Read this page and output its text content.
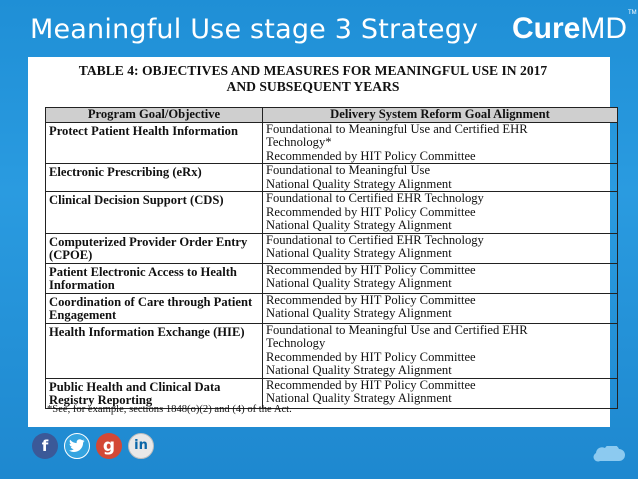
Meaningful Use stage 3 Strategy CureMD TM
TABLE 4: OBJECTIVES AND MEASURES FOR MEANINGFUL USE IN 2017
AND SUBSEQUENT YEARS
Program Goal/Objective	Delivery System Reform Goal Alignment
Protect Patient Health Information	Foundational to Meaningful Use and Certified EHR
Technology*
Recommended by HIT Policy Committee

Electronic Prescribing (eRx)	Foundational to Meaningful Use
National Quality Strategy Alignment

Clinical Decision Support (CDS)	Foundational to Certified EHR Technology
Recommended by HIT Policy Committee
National Quality Strategy Alignment

Computerized Provider Order Entry (CPOE)	Foundational to Certified EHR Technology
National Quality Strategy Alignment

Patient Electronic Access to Health Information	Recommended by HIT Policy Committee
National Quality Strategy Alignment

Coordination of Care through Patient Engagement	Recommended by HIT Policy Committee
National Quality Strategy Alignment

Health Information Exchange (HIE)	Foundational to Meaningful Use and Certified EHR
Technology
Recommended by HIT Policy Committee
National Quality Strategy Alignment

Public Health and Clinical Data Registry Reporting	Recommended by HIT Policy Committee
National Quality Strategy Alignment
*See, for example, sections 1848(o)(2) and (4) of the Act.
f	g	in
